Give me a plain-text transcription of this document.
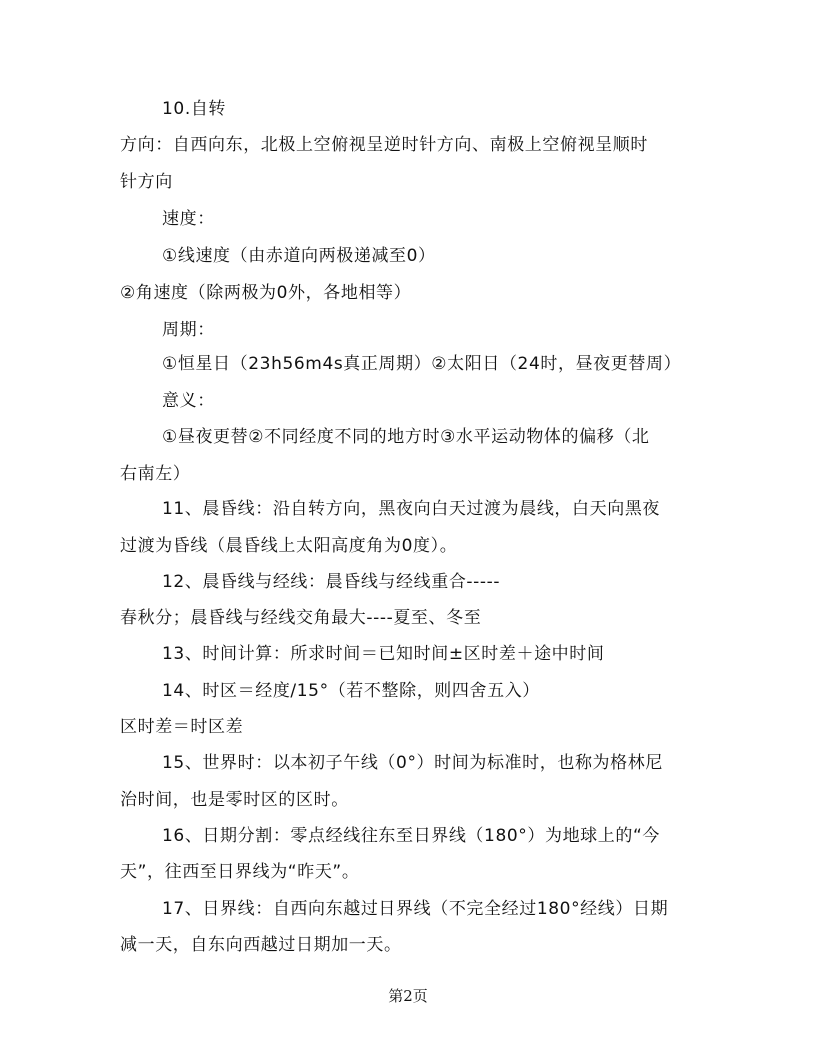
10.自转
方向：自西向东，北极上空俯视呈逆时针方向、南极上空俯视呈顺时
针方向
速度：
①线速度（由赤道向两极递减至0）
②角速度（除两极为0外，各地相等）
周期：
①恒星日（23h56m4s真正周期）②太阳日（24时，昼夜更替周）
意义：
①昼夜更替②不同经度不同的地方时③水平运动物体的偏移（北
右南左）
11、晨昏线：沿自转方向，黑夜向白天过渡为晨线，白天向黑夜
过渡为昏线（晨昏线上太阳高度角为0度）。
12、晨昏线与经线：晨昏线与经线重合-----
春秋分；晨昏线与经线交角最大----夏至、冬至
13、时间计算：所求时间＝已知时间±区时差＋途中时间
14、时区＝经度/15°（若不整除，则四舍五入）
区时差＝时区差
15、世界时：以本初子午线（0°）时间为标准时，也称为格林尼
治时间，也是零时区的区时。
16、日期分割：零点经线往东至日界线（180°）为地球上的“今
天”，往西至日界线为“昨天”。
17、日界线：自西向东越过日界线（不完全经过180°经线）日期
减一天，自东向西越过日期加一天。
第2页
